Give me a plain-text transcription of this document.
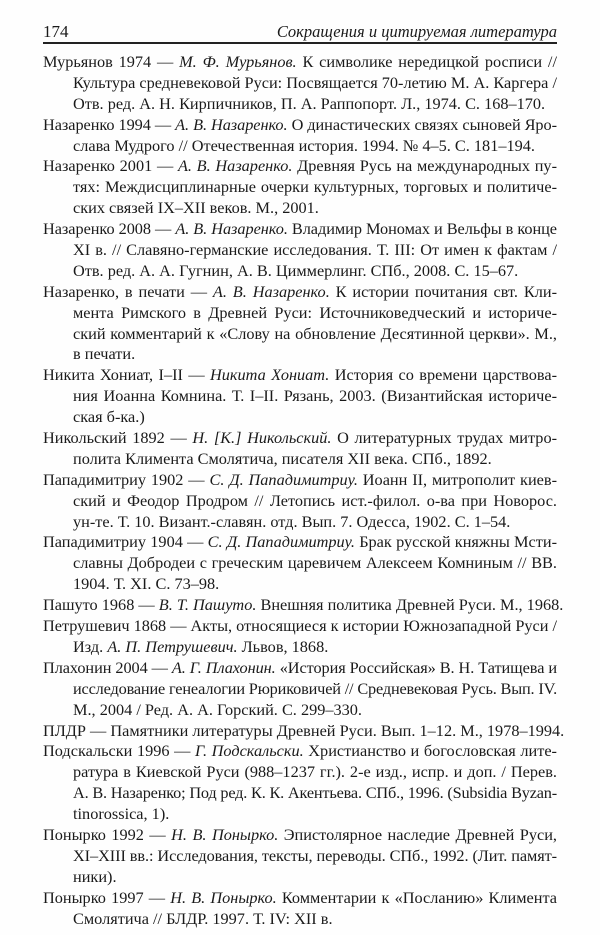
174	Сокращения и цитируемая литература
Мурьянов 1974 — М. Ф. Мурьянов. К символике нередицкой росписи //
Культура средневековой Руси: Посвящается 70-летию М. А. Каргера /
Отв. ред. А. Н. Кирпичников, П. А. Раппопорт. Л., 1974. С. 168–170.
Назаренко 1994 — А. В. Назаренко. О династических связях сыновей Яро-
слава Мудрого // Отечественная история. 1994. № 4–5. С. 181–194.
Назаренко 2001 — А. В. Назаренко. Древняя Русь на международных пу-
тях: Междисциплинарные очерки культурных, торговых и политиче-
ских связей IX–XII веков. М., 2001.
Назаренко 2008 — А. В. Назаренко. Владимир Мономах и Вельфы в конце
XI в. // Славяно-германские исследования. Т. III: От имен к фактам /
Отв. ред. А. А. Гугнин, А. В. Циммерлинг. СПб., 2008. С. 15–67.
Назаренко, в печати — А. В. Назаренко. К истории почитания свт. Кли-
мента Римского в Древней Руси: Источниковедческий и историче-
ский комментарий к «Слову на обновление Десятинной церкви». М.,
в печати.
Никита Хониат, I–II — Никита Хониат. История со времени царствова-
ния Иоанна Комнина. Т. I–II. Рязань, 2003. (Византийская историче-
ская б-ка.)
Никольский 1892 — Н. [К.] Никольский. О литературных трудах митро-
полита Климента Смолятича, писателя XII века. СПб., 1892.
Пападимитриу 1902 — С. Д. Пападимитриу. Иоанн II, митрополит киев-
ский и Феодор Продром // Летопись ист.-филол. о-ва при Новорос.
ун-те. Т. 10. Визант.-славян. отд. Вып. 7. Одесса, 1902. С. 1–54.
Пападимитриу 1904 — С. Д. Пападимитриу. Брак русской княжны Мсти-
славны Добродеи с греческим царевичем Алексеем Комниным // ВВ.
1904. Т. XI. С. 73–98.
Пашуто 1968 — В. Т. Пашуто. Внешняя политика Древней Руси. М., 1968.
Петрушевич 1868 — Акты, относящиеся к истории Южнозападной Руси /
Изд. А. П. Петрушевич. Львов, 1868.
Плахонин 2004 — А. Г. Плахонин. «История Российская» В. Н. Татищева и
исследование генеалогии Рюриковичей // Средневековая Русь. Вып. IV.
М., 2004 / Ред. А. А. Горский. С. 299–330.
ПЛДР — Памятники литературы Древней Руси. Вып. 1–12. М., 1978–1994.
Подскальски 1996 — Г. Подскальски. Христианство и богословская лите-
ратура в Киевской Руси (988–1237 гг.). 2-е изд., испр. и доп. / Перев.
А. В. Назаренко; Под ред. К. К. Акентьева. СПб., 1996. (Subsidia Byzan-
tinorossica, 1).
Понырко 1992 — Н. В. Понырко. Эпистолярное наследие Древней Руси,
XI–XIII вв.: Исследования, тексты, переводы. СПб., 1992. (Лит. памят-
ники).
Понырко 1997 — Н. В. Понырко. Комментарии к «Посланию» Климента
Смолятича // БЛДР. 1997. Т. IV: XII в.
